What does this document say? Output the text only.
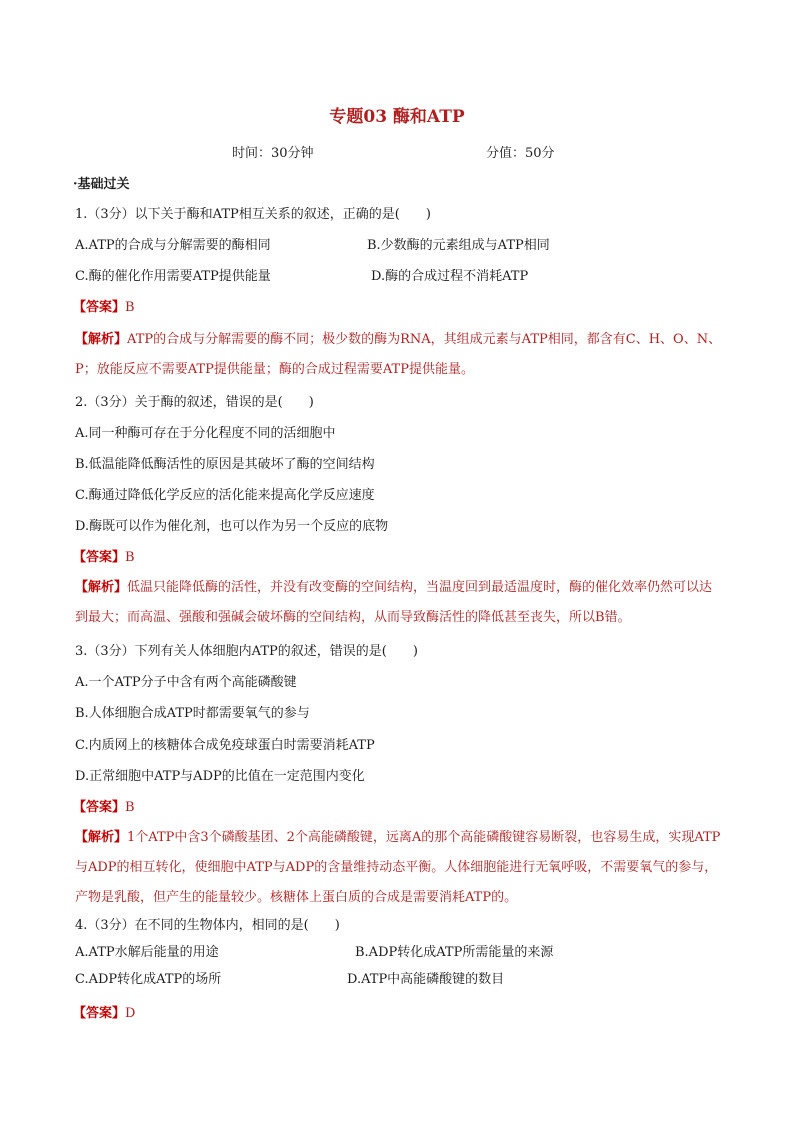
专题03 酶和ATP
时间：30分钟	分值：50分
·基础过关
1.（3分）以下关于酶和ATP相互关系的叙述，正确的是(　　)
A.ATP的合成与分解需要的酶相同	B.少数酶的元素组成与ATP相同
C.酶的催化作用需要ATP提供能量	D.酶的合成过程不消耗ATP
【答案】B
【解析】ATP的合成与分解需要的酶不同；极少数的酶为RNA，其组成元素与ATP相同，都含有C、H、O、N、P；放能反应不需要ATP提供能量；酶的合成过程需要ATP提供能量。
2.（3分）关于酶的叙述，错误的是(　　)
A.同一种酶可存在于分化程度不同的活细胞中
B.低温能降低酶活性的原因是其破坏了酶的空间结构
C.酶通过降低化学反应的活化能来提高化学反应速度
D.酶既可以作为催化剂，也可以作为另一个反应的底物
【答案】B
【解析】低温只能降低酶的活性，并没有改变酶的空间结构，当温度回到最适温度时，酶的催化效率仍然可以达到最大；而高温、强酸和强碱会破坏酶的空间结构，从而导致酶活性的降低甚至丧失，所以B错。
3.（3分）下列有关人体细胞内ATP的叙述，错误的是(　　)
A.一个ATP分子中含有两个高能磷酸键
B.人体细胞合成ATP时都需要氧气的参与
C.内质网上的核糖体合成免疫球蛋白时需要消耗ATP
D.正常细胞中ATP与ADP的比值在一定范围内变化
【答案】B
【解析】1个ATP中含3个磷酸基团、2个高能磷酸键，远离A的那个高能磷酸键容易断裂，也容易生成，实现ATP与ADP的相互转化，使细胞中ATP与ADP的含量维持动态平衡。人体细胞能进行无氧呼吸，不需要氧气的参与，产物是乳酸，但产生的能量较少。核糖体上蛋白质的合成是需要消耗ATP的。
4.（3分）在不同的生物体内，相同的是(　　)
A.ATP水解后能量的用途	B.ADP转化成ATP所需能量的来源
C.ADP转化成ATP的场所	D.ATP中高能磷酸键的数目
【答案】D
